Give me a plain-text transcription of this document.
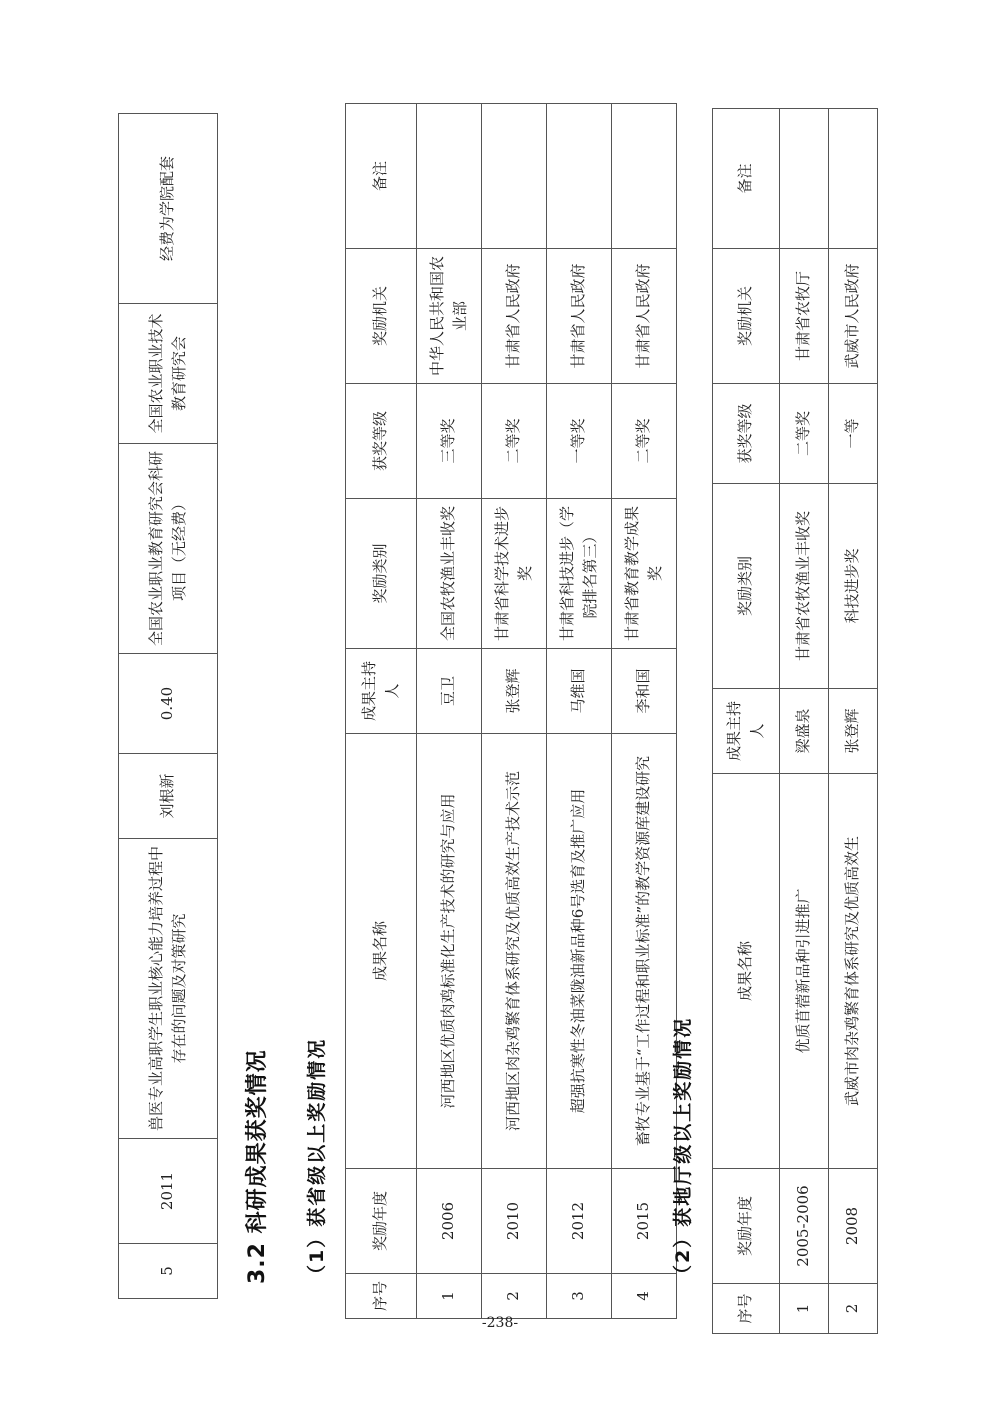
5	2011	兽医专业高职学生职业核心能力培养过程中存在的问题及对策研究	刘根新	0.40	全国农业职业教育研究会科研项目（无经费）	全国农业职业技术教育研究会	经费为学院配套
3.2 科研成果获奖情况 （1）获省级以上奖励情况
序号	奖励年度	成果名称	成果主持人	奖励类别	获奖等级	奖励机关	备注
1	2006	河西地区优质肉鸡标准化生产技术的研究与应用	豆卫	全国农牧渔业丰收奖	三等奖	中华人民共和国农业部	
2	2010	河西地区肉杂鸡繁育体系研究及优质高效生产技术示范	张登辉	甘肃省科学技术进步奖	二等奖	甘肃省人民政府	
3	2012	超强抗寒性冬油菜陇油新品种6号选育及推广应用	马维国	甘肃省科技进步（学院排名第三）	一等奖	甘肃省人民政府	
4	2015	畜牧专业基于“工作过程和职业标准”的教学资源库建设研究	李和国	甘肃省教育教学成果奖	二等奖	甘肃省人民政府	
（2）获地厅级以上奖励情况
序号	奖励年度	成果名称	成果主持人	奖励类别	获奖等级	奖励机关	备注
1	2005-2006	优质苜蓿新品种引进推广	梁盛泉	甘肃省农牧渔业丰收奖	二等奖	甘肃省农牧厅	
2	2008	武威市肉杂鸡繁育体系研究及优质高效生	张登辉	科技进步奖	一等	武威市人民政府	
-238-
